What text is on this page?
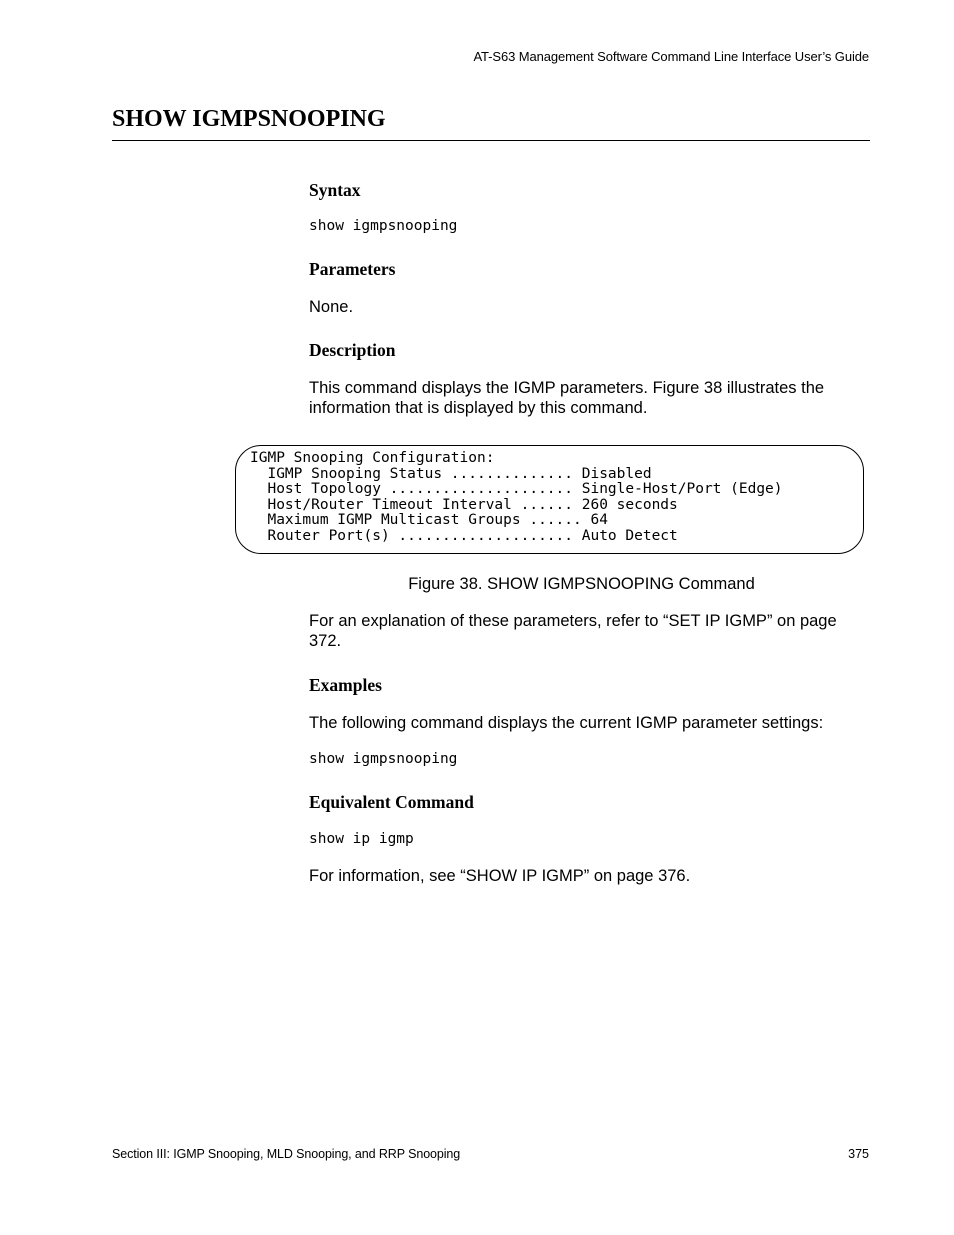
AT-S63 Management Software Command Line Interface User’s Guide
SHOW IGMPSNOOPING
Syntax
show igmpsnooping
Parameters

None.

Description

This command displays the IGMP parameters. Figure 38 illustrates the information that is displayed by this command.

IGMP Snooping Configuration:
IGMP Snooping Status .............. Disabled
Host Topology ..................... Single-Host/Port (Edge)
Host/Router Timeout Interval ...... 260 seconds
Maximum IGMP Multicast Groups ...... 64
Router Port(s) .................... Auto Detect

Figure 38. SHOW IGMPSNOOPING Command

For an explanation of these parameters, refer to “SET IP IGMP” on page 372.

Examples

The following command displays the current IGMP parameter settings:

show igmpsnooping
Equivalent Command
show ip igmp

For information, see “SHOW IP IGMP” on page 376.

Section III: IGMP Snooping, MLD Snooping, and RRP Snooping	375
